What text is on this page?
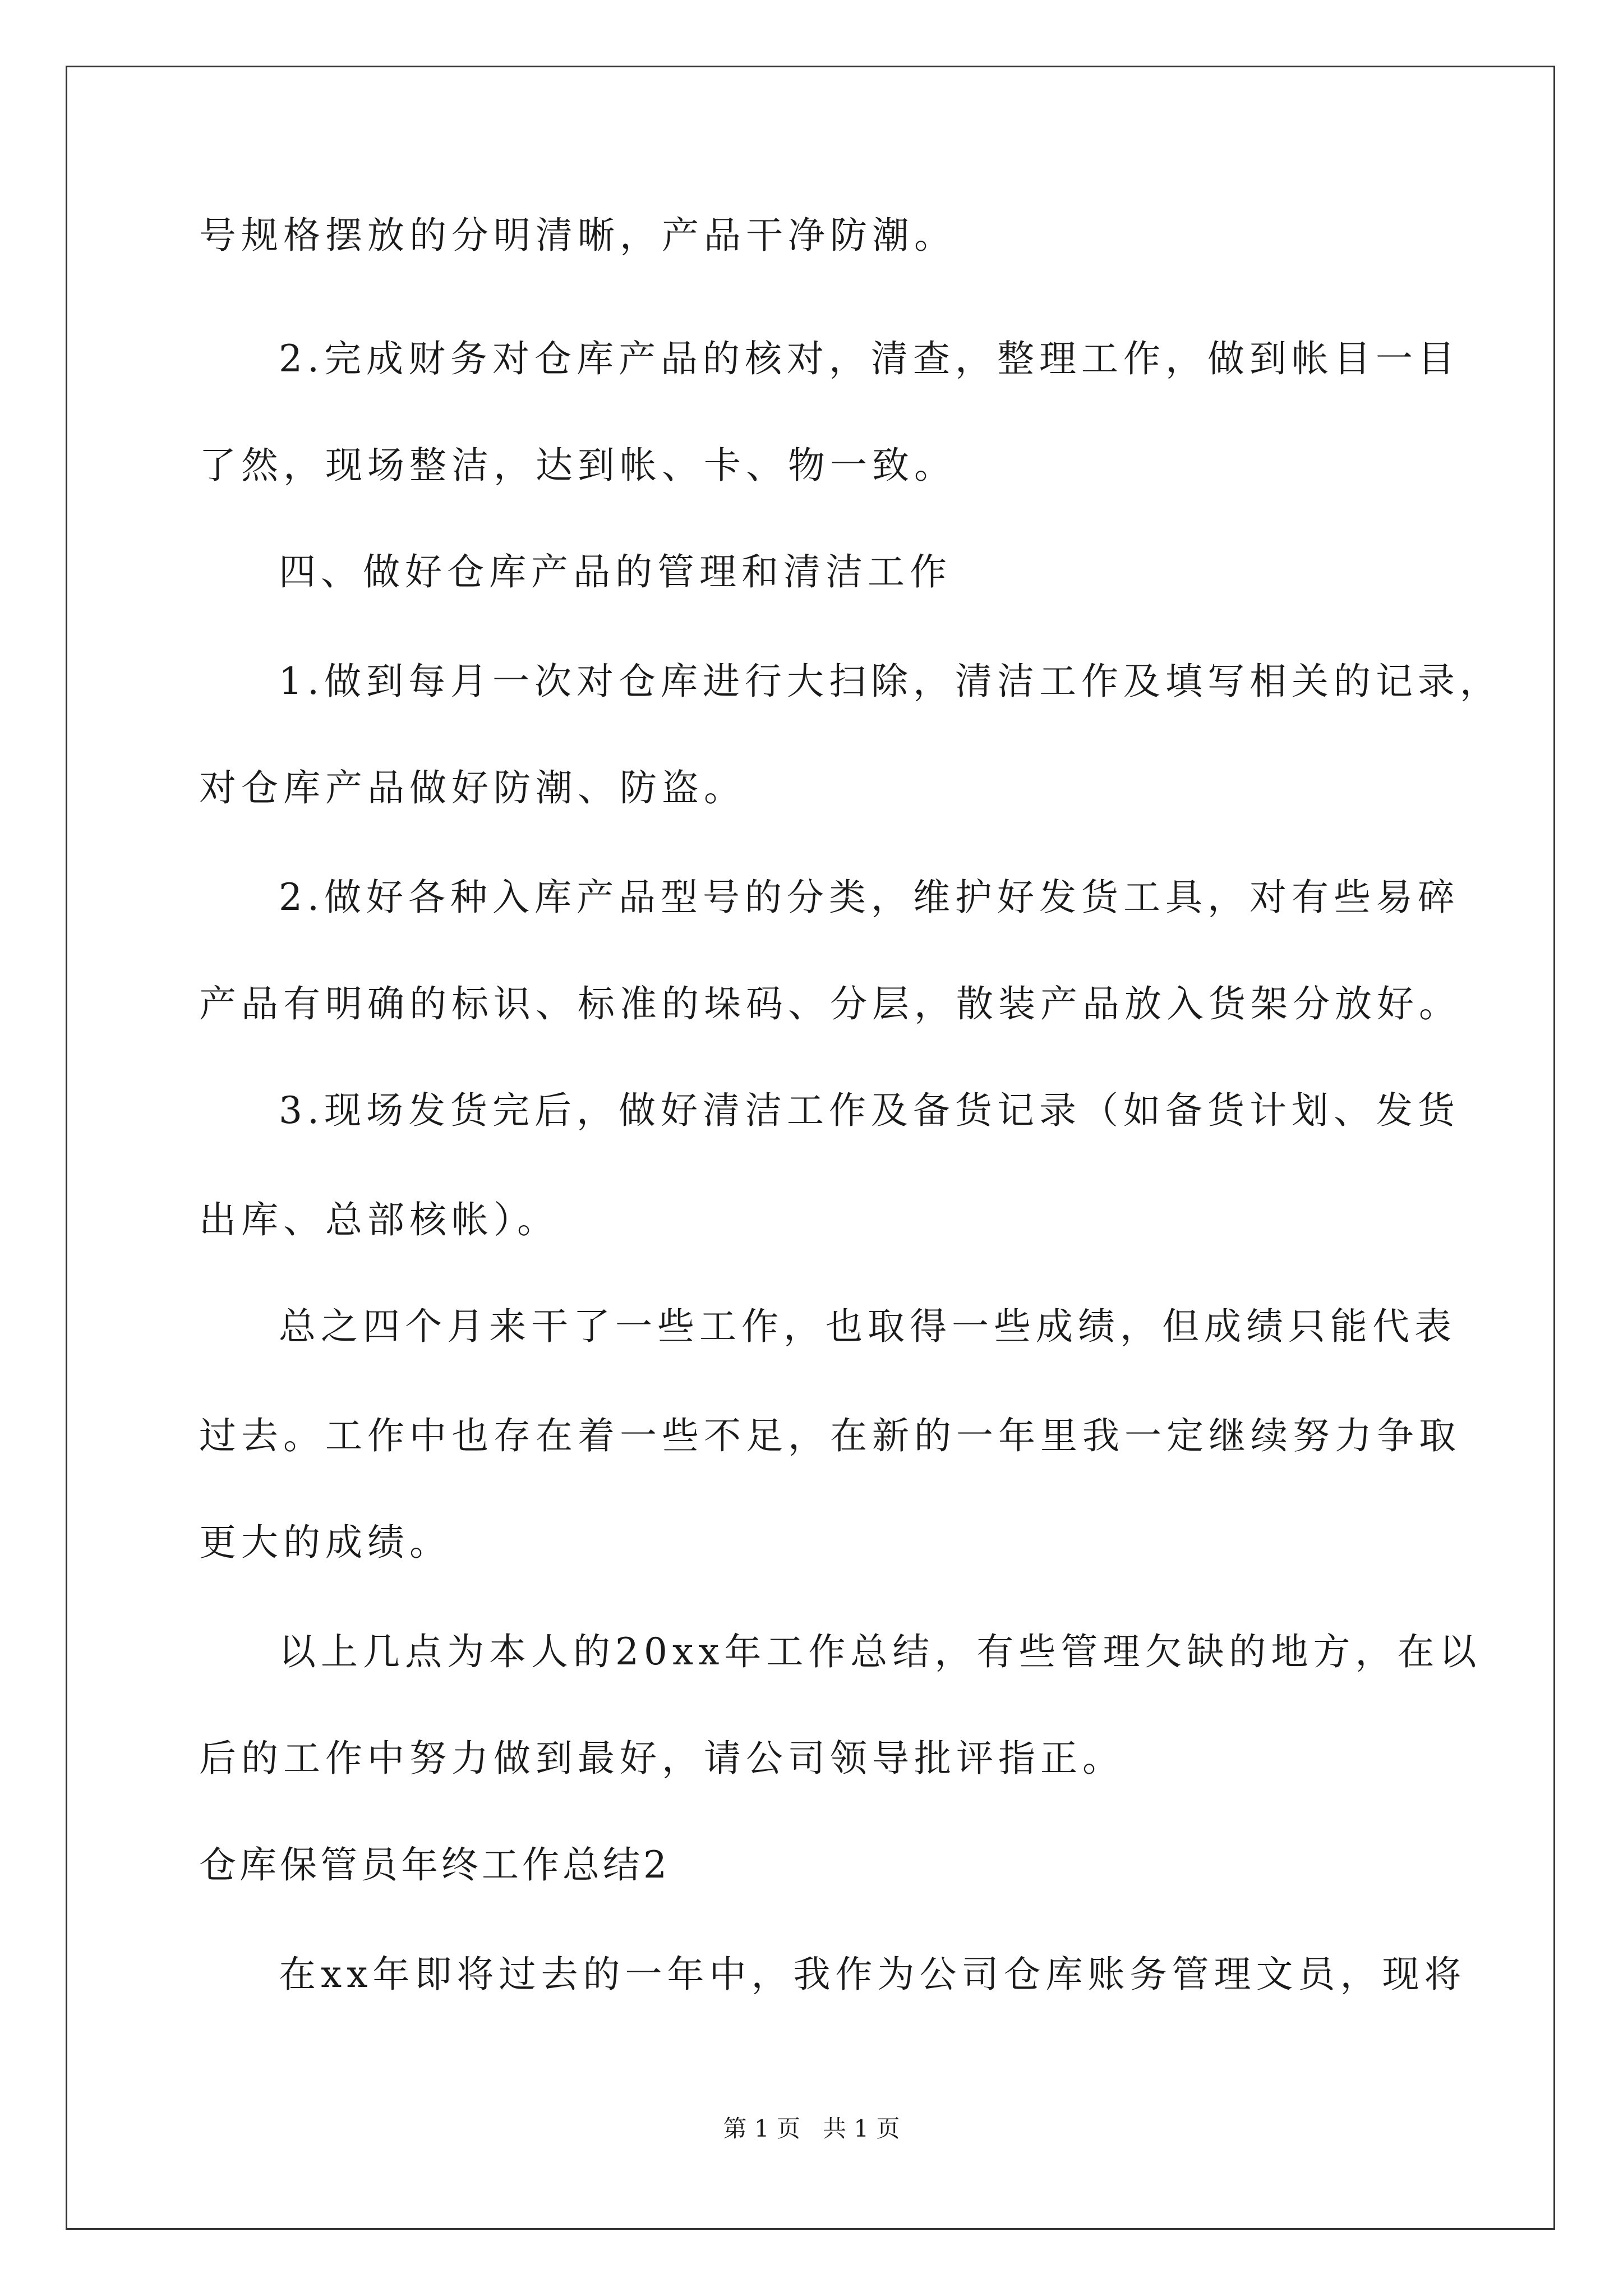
号规格摆放的分明清晰，产品干净防潮。
2.完成财务对仓库产品的核对，清查，整理工作，做到帐目一目
了然，现场整洁，达到帐、卡、物一致。
四、做好仓库产品的管理和清洁工作
1.做到每月一次对仓库进行大扫除，清洁工作及填写相关的记录，
对仓库产品做好防潮、防盗。
2.做好各种入库产品型号的分类，维护好发货工具，对有些易碎
产品有明确的标识、标准的垛码、分层，散装产品放入货架分放好。
3.现场发货完后，做好清洁工作及备货记录（如备货计划、发货
出库、总部核帐）。
总之四个月来干了一些工作，也取得一些成绩，但成绩只能代表
过去。工作中也存在着一些不足，在新的一年里我一定继续努力争取
更大的成绩。
以上几点为本人的20xx年工作总结，有些管理欠缺的地方，在以
后的工作中努力做到最好，请公司领导批评指正。
仓库保管员年终工作总结2
在xx年即将过去的一年中，我作为公司仓库账务管理文员，现将
第 1 页   共 1 页
